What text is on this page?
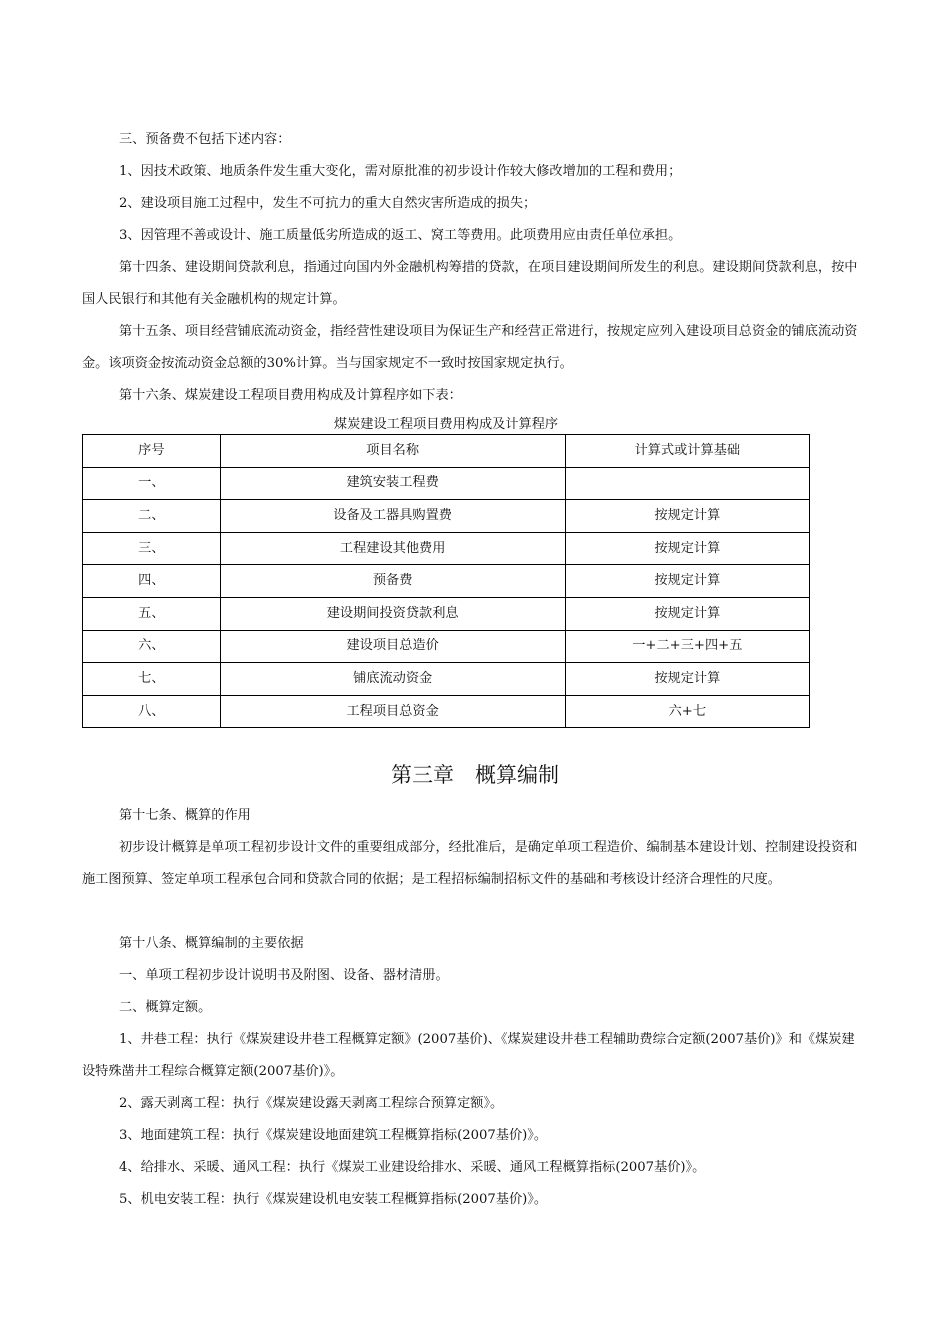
三、预备费不包括下述内容：

1、因技术政策、地质条件发生重大变化，需对原批准的初步设计作较大修改增加的工程和费用；

2、建设项目施工过程中，发生不可抗力的重大自然灾害所造成的损失；

3、因管理不善或设计、施工质量低劣所造成的返工、窝工等费用。此项费用应由责任单位承担。

第十四条、建设期间贷款利息，指通过向国内外金融机构筹措的贷款，在项目建设期间所发生的利息。建设期间贷款利息，按中国人民银行和其他有关金融机构的规定计算。

第十五条、项目经营铺底流动资金，指经营性建设项目为保证生产和经营正常进行，按规定应列入建设项目总资金的铺底流动资金。该项资金按流动资金总额的30%计算。当与国家规定不一致时按国家规定执行。

第十六条、煤炭建设工程项目费用构成及计算程序如下表：

煤炭建设工程项目费用构成及计算程序
序号	项目名称	计算式或计算基础
一、	建筑安装工程费	
二、	设备及工器具购置费	按规定计算
三、	工程建设其他费用	按规定计算
四、	预备费	按规定计算
五、	建设期间投资贷款利息	按规定计算
六、	建设项目总造价	一+二+三+四+五
七、	铺底流动资金	按规定计算
八、	工程项目总资金	六+七
第三章　概算编制

第十七条、概算的作用

初步设计概算是单项工程初步设计文件的重要组成部分，经批准后，是确定单项工程造价、编制基本建设计划、控制建设投资和施工图预算、签定单项工程承包合同和贷款合同的依据；是工程招标编制招标文件的基础和考核设计经济合理性的尺度。

第十八条、概算编制的主要依据

一、单项工程初步设计说明书及附图、设备、器材清册。

二、概算定额。

1、井巷工程：执行《煤炭建设井巷工程概算定额》(2007基价)、《煤炭建设井巷工程辅助费综合定额(2007基价)》和《煤炭建设特殊凿井工程综合概算定额(2007基价)》。

2、露天剥离工程：执行《煤炭建设露天剥离工程综合预算定额》。

3、地面建筑工程：执行《煤炭建设地面建筑工程概算指标(2007基价)》。

4、给排水、采暖、通风工程：执行《煤炭工业建设给排水、采暖、通风工程概算指标(2007基价)》。

5、机电安装工程：执行《煤炭建设机电安装工程概算指标(2007基价)》。
